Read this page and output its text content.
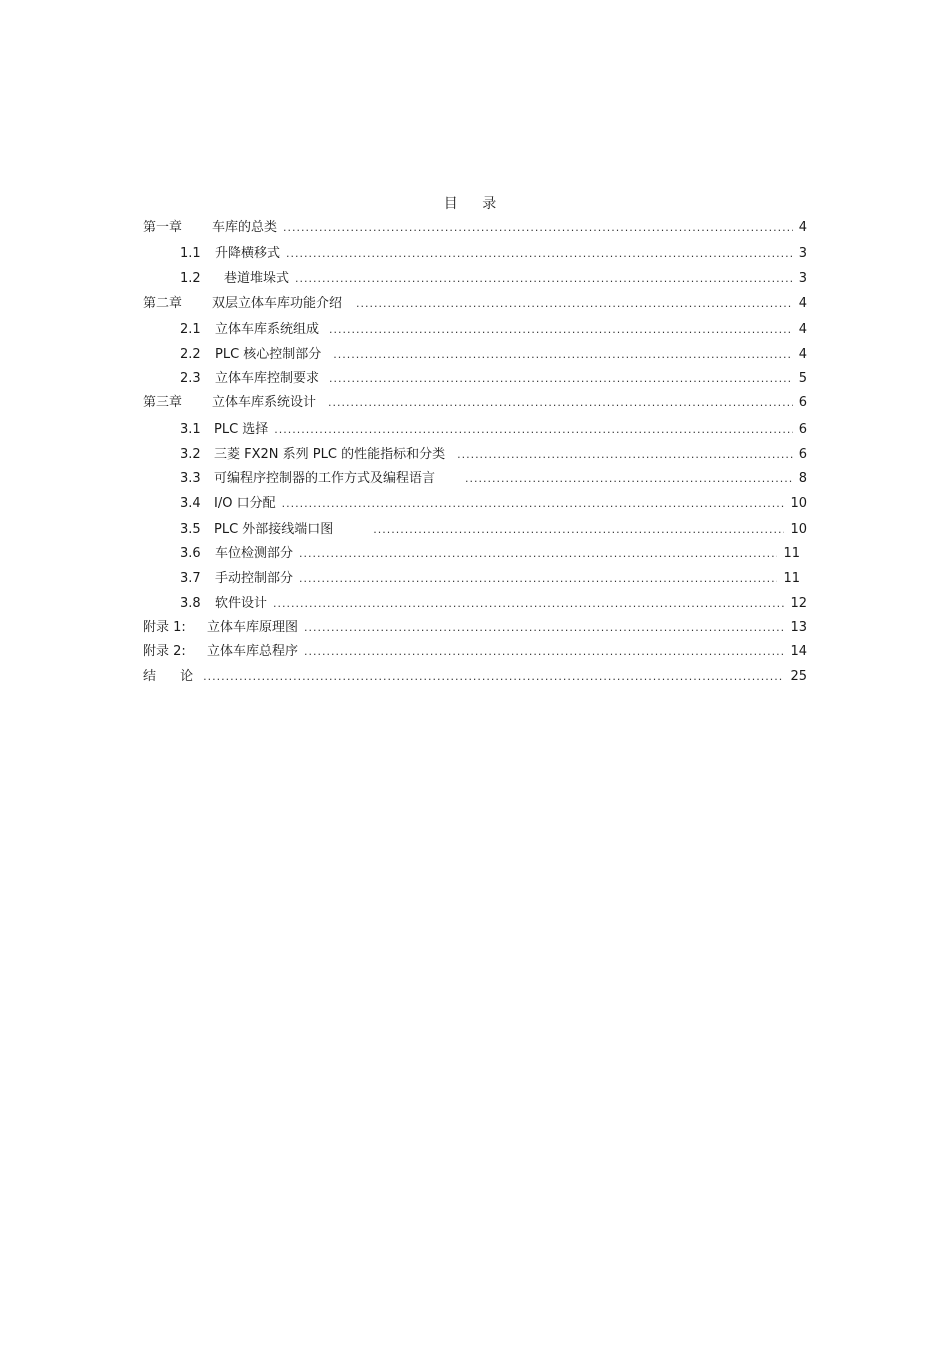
目 录
第一章	车库的总类 .....	4
1.1	升降横移式 .....	3
1.2	巷道堆垛式 .....	3
第二章	双层立体车库功能介绍 .....	4
2.1	立体车库系统组成 .....	4
2.2	PLC 核心控制部分 .....	4
2.3	立体车库控制要求 .....	5
第三章	立体车库系统设计 .....	6
3.1	PLC 选择 .....	6
3.2	三菱 FX2N 系列 PLC 的性能指标和分类 .....	6
3.3	可编程序控制器的工作方式及编程语言 .....	8
3.4	I/O 口分配 .....	10
3.5	PLC 外部接线端口图 .....	10
3.6	车位检测部分 .....	11
3.7	手动控制部分 .....	11
3.8	软件设计 .....	12
附录 1:	立体车库原理图 .....	13
附录 2:	立体车库总程序 .....	14
结 论 .....	25
